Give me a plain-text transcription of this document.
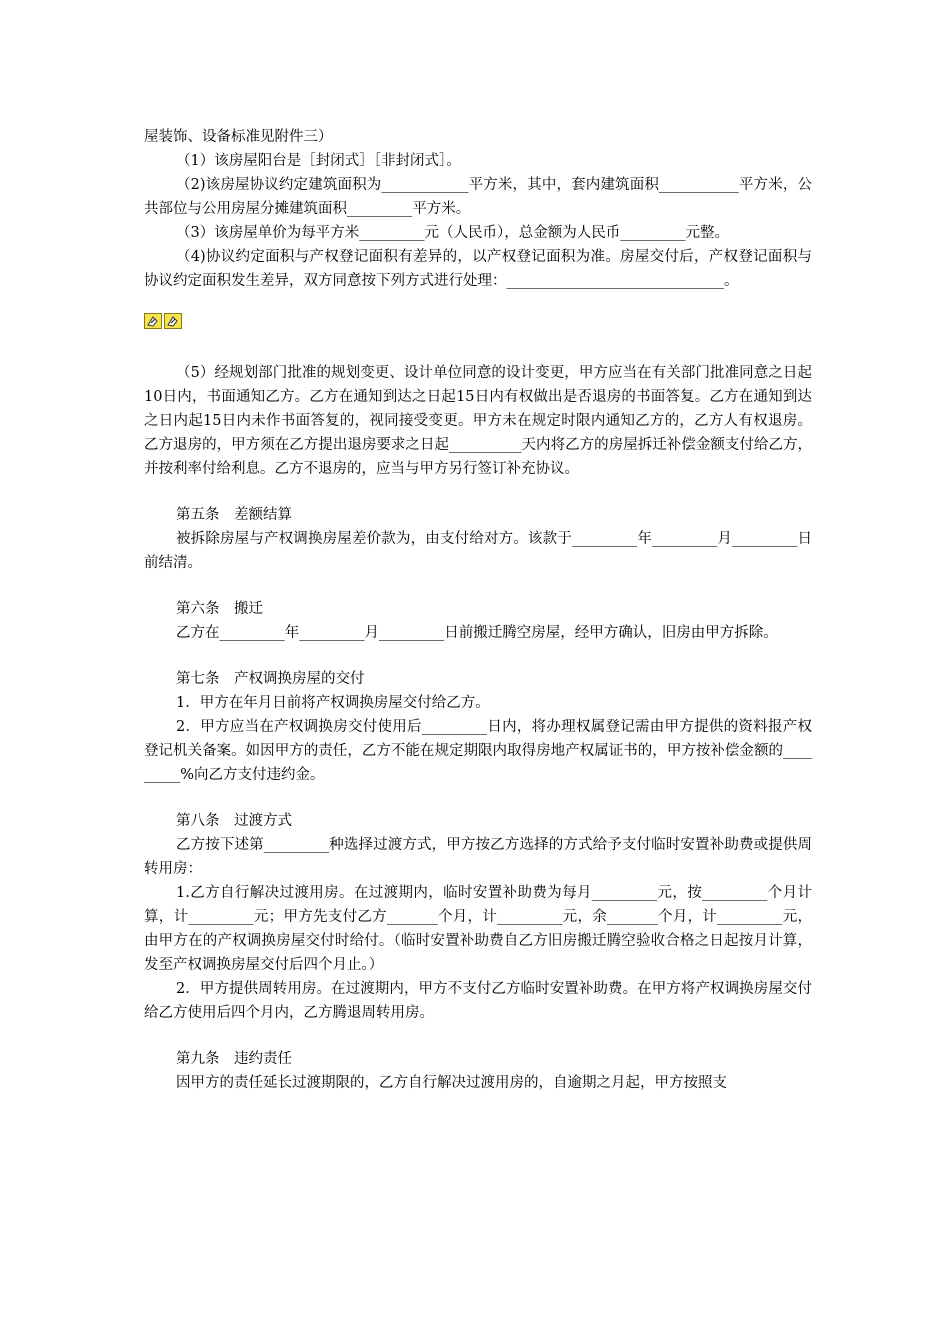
屋装饰、设备标准见附件三）

（1）该房屋阳台是［封闭式］［非封闭式］。

（2)该房屋协议约定建筑面积为____________平方米，其中，套内建筑面积___________平方米，公共部位与公用房屋分摊建筑面积_________平方米。

（3）该房屋单价为每平方米_________元（人民币），总金额为人民币_________元整。

（4)协议约定面积与产权登记面积有差异的，以产权登记面积为准。房屋交付后，产权登记面积与协议约定面积发生差异，双方同意按下列方式进行处理：______________________________。

（5）经规划部门批准的规划变更、设计单位同意的设计变更，甲方应当在有关部门批准同意之日起10日内，书面通知乙方。乙方在通知到达之日起15日内有权做出是否退房的书面答复。乙方在通知到达之日内起15日内未作书面答复的，视同接受变更。甲方未在规定时限内通知乙方的，乙方人有权退房。乙方退房的，甲方须在乙方提出退房要求之日起__________天内将乙方的房屋拆迁补偿金额支付给乙方，并按利率付给利息。乙方不退房的，应当与甲方另行签订补充协议。

第五条　差额结算

被拆除房屋与产权调换房屋差价款为，由支付给对方。该款于_________年_________月_________日前结清。

第六条　搬迁

乙方在_________年_________月_________日前搬迁腾空房屋，经甲方确认，旧房由甲方拆除。

第七条　产权调换房屋的交付

1．甲方在年月日前将产权调换房屋交付给乙方。

2．甲方应当在产权调换房交付使用后_________日内，将办理权属登记需由甲方提供的资料报产权登记机关备案。如因甲方的责任，乙方不能在规定期限内取得房地产权属证书的，甲方按补偿金额的_________%向乙方支付违约金。

第八条　过渡方式

乙方按下述第_________种选择过渡方式，甲方按乙方选择的方式给予支付临时安置补助费或提供周转用房：

1.乙方自行解决过渡用房。在过渡期内，临时安置补助费为每月_________元，按_________个月计算，计_________元；甲方先支付乙方_______个月，计_________元，余_______个月，计_________元，由甲方在的产权调换房屋交付时给付。（临时安置补助费自乙方旧房搬迁腾空验收合格之日起按月计算，发至产权调换房屋交付后四个月止。）

2．甲方提供周转用房。在过渡期内，甲方不支付乙方临时安置补助费。在甲方将产权调换房屋交付给乙方使用后四个月内，乙方腾退周转用房。

第九条　违约责任

因甲方的责任延长过渡期限的，乙方自行解决过渡用房的，自逾期之月起，甲方按照支
